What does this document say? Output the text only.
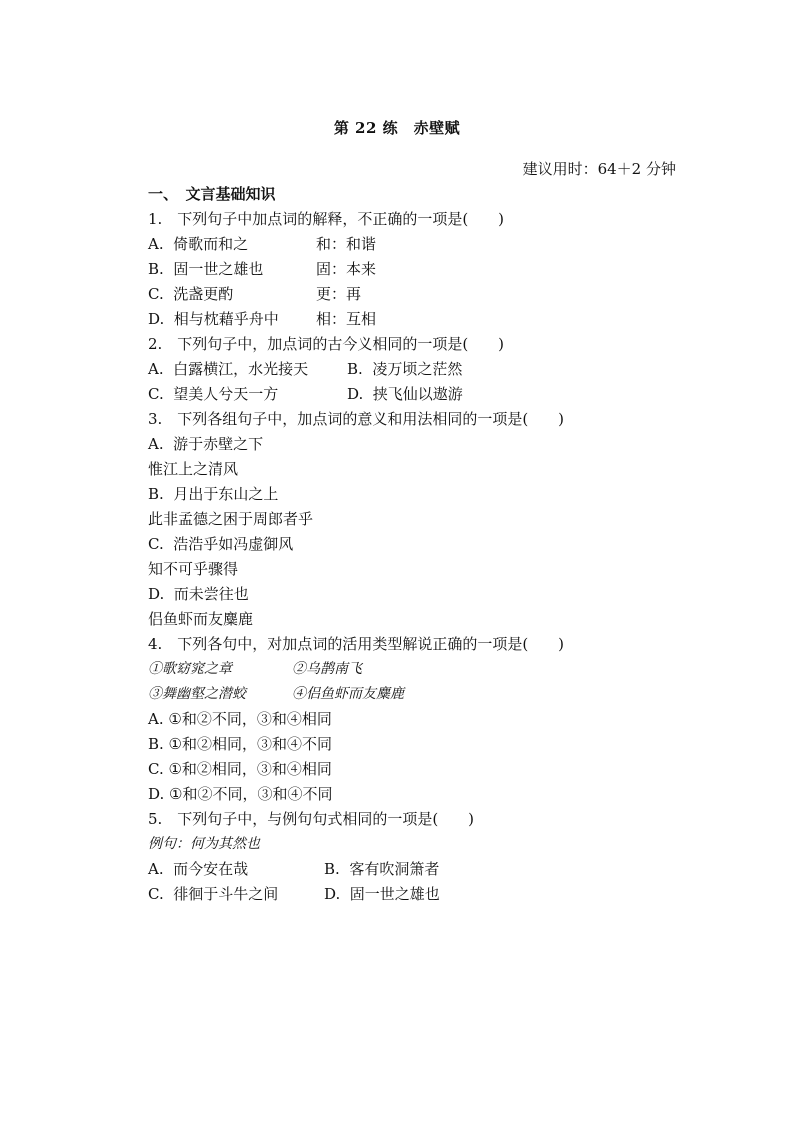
第 22 练　赤壁赋
建议用时：64＋2 分钟
一、　文言基础知识
1.　下列句子中加点词的解释，不正确的一项是(　　)
A.  倚歌而和之	和：和谐
B.  固一世之雄也	固：本来
C.  洗盏更酌	更：再
D.  相与枕藉乎舟中 相：互相
2.　下列句子中，加点词的古今义相同的一项是(　　)
A.  白露横江，水光接天	B.  凌万顷之茫然
C.  望美人兮天一方	D.  挟飞仙以遨游
3.　下列各组句子中，加点词的意义和用法相同的一项是(　　)
A.  游于赤壁之下
惟江上之清风
B.  月出于东山之上
此非孟德之困于周郎者乎
C.  浩浩乎如冯虚御风
知不可乎骤得
D.  而未尝往也
侣鱼虾而友麋鹿
4.　下列各句中，对加点词的活用类型解说正确的一项是(　　)
①歌窈窕之章	②乌鹊南飞
③舞幽壑之潜蛟	④侣鱼虾而友麋鹿
A. ①和②不同，③和④相同
B. ①和②相同，③和④不同
C. ①和②相同，③和④相同
D. ①和②不同，③和④不同
5.　下列句子中，与例句句式相同的一项是(　　)
例句：何为其然也
A.  而今安在哉	B.  客有吹洞箫者
C.  徘徊于斗牛之间	D.  固一世之雄也
